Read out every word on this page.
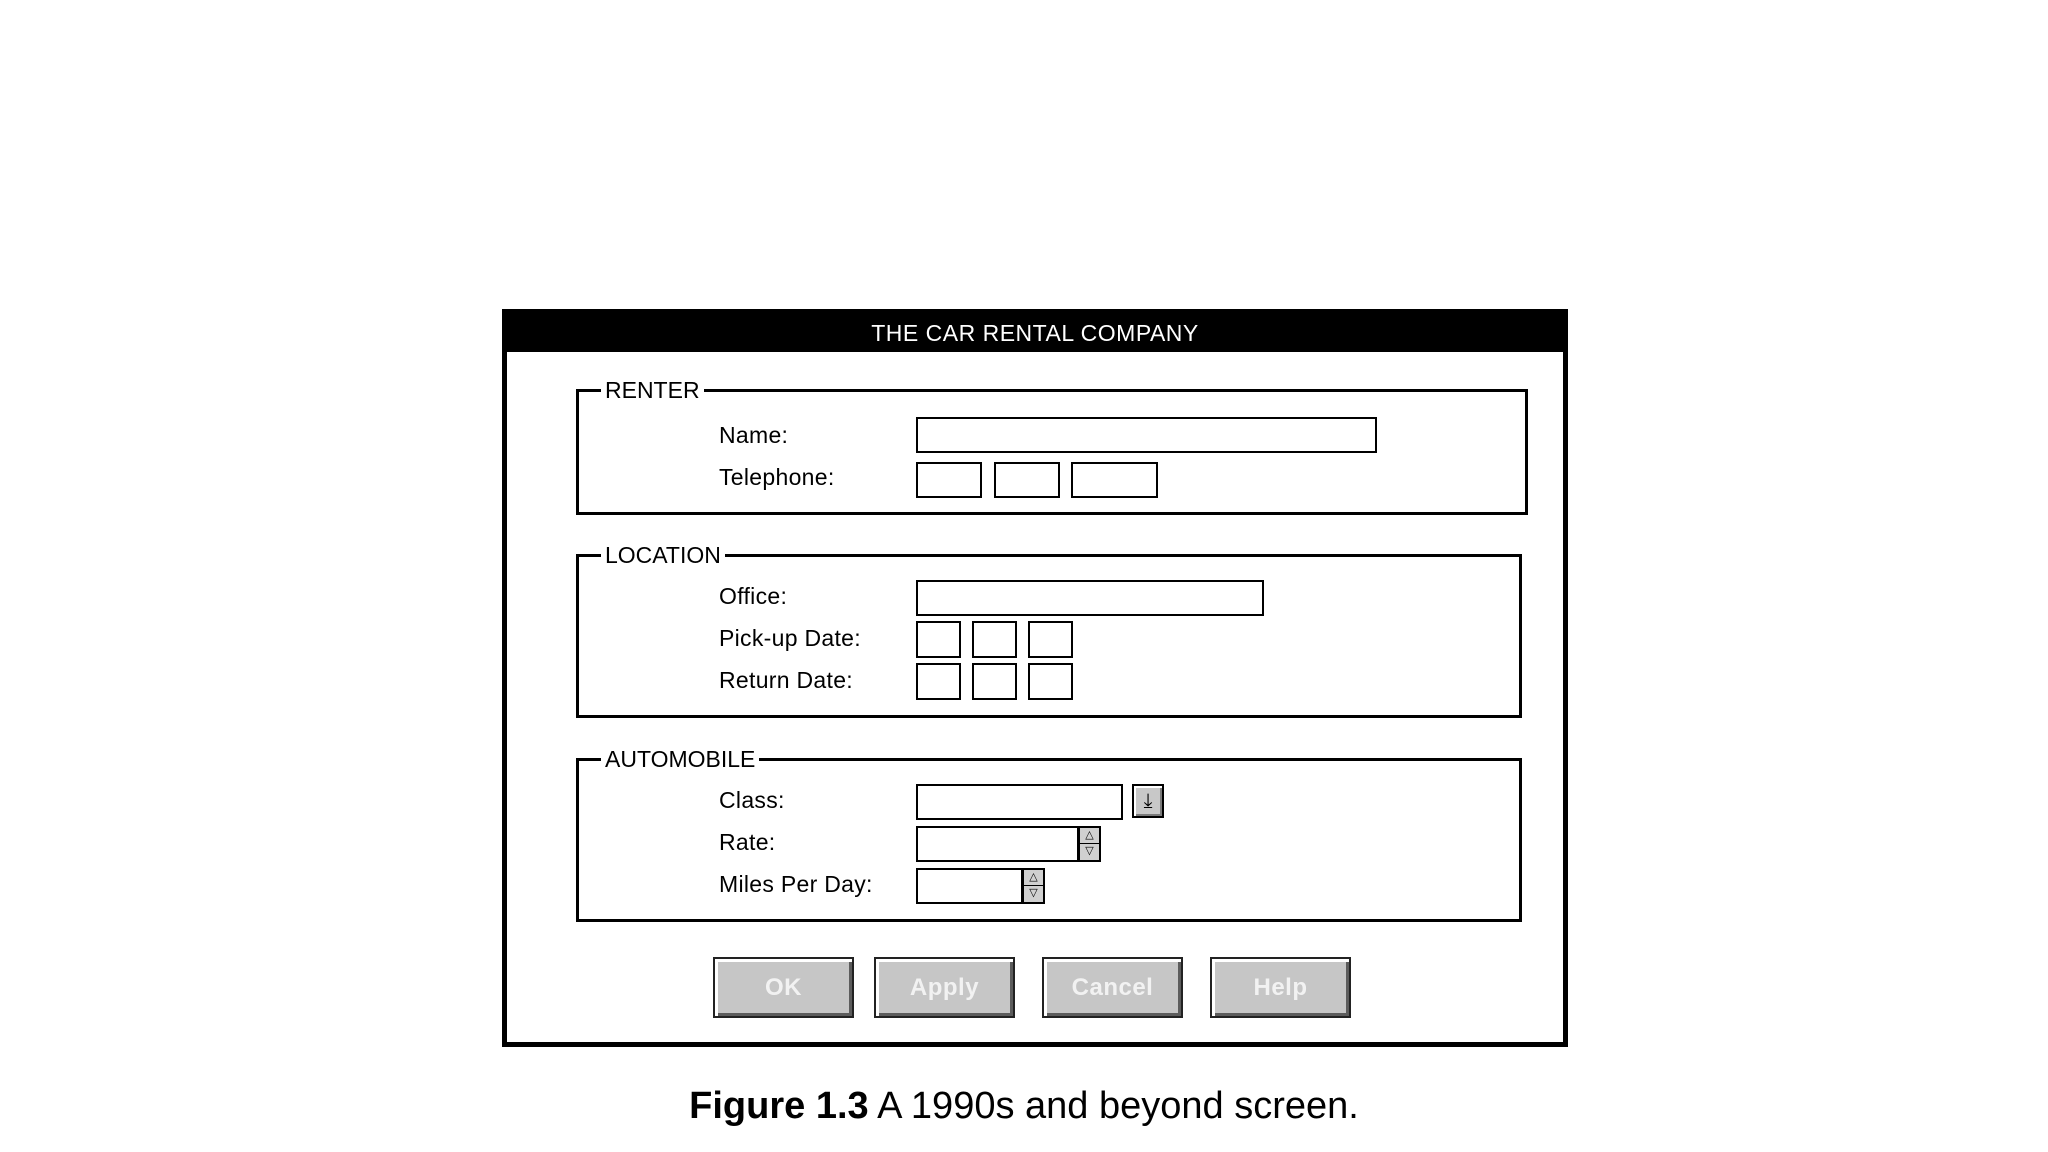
THE CAR RENTAL COMPANY
RENTER
Name:
Telephone:
LOCATION
Office:
Pick-up Date:
Return Date:
AUTOMOBILE
Class:	⤓
Rate:	△
▽
Miles Per Day:	△
▽
OK	Apply	Cancel	Help
Figure 1.3 A 1990s and beyond screen.
